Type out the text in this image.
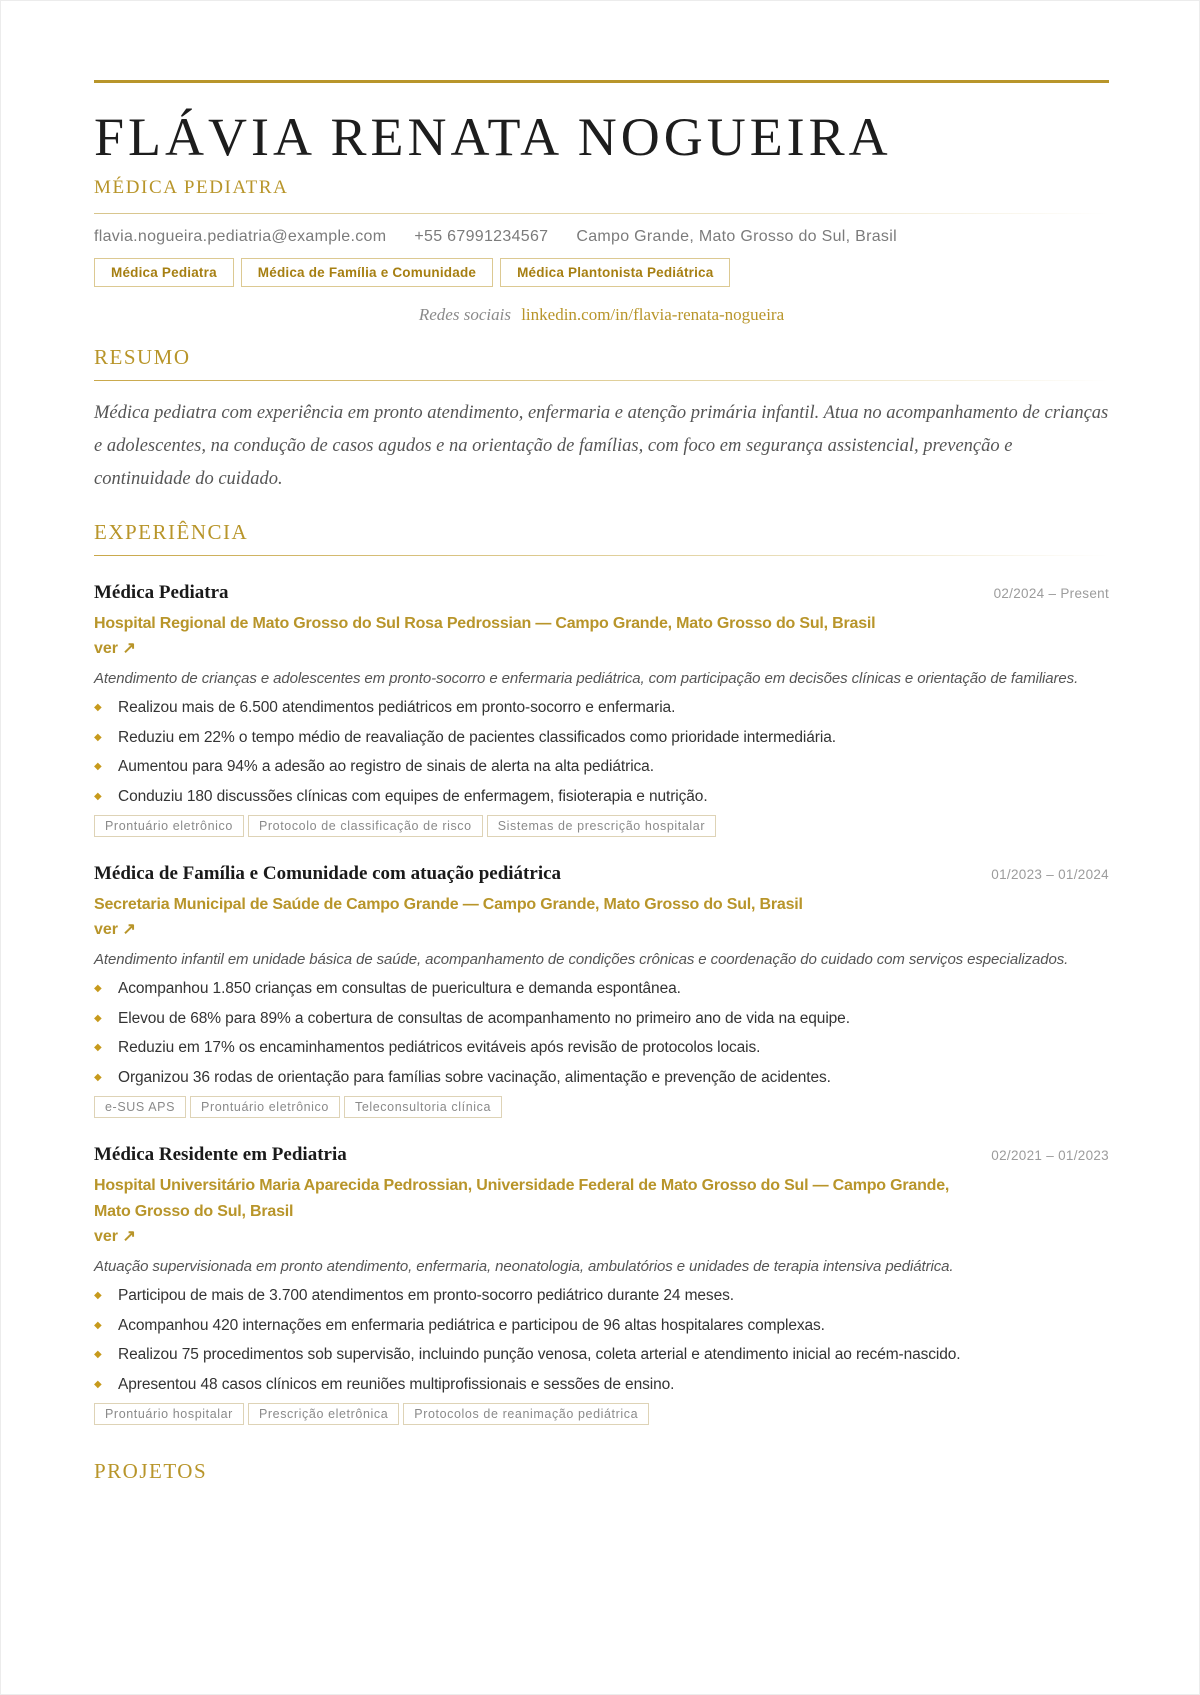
FLÁVIA RENATA NOGUEIRA
MÉDICA PEDIATRA
flavia.nogueira.pediatria@example.com +55 67991234567 Campo Grande, Mato Grosso do Sul, Brasil
Médica Pediatra	Médica de Família e Comunidade	Médica Plantonista Pediátrica
Redes sociais linkedin.com/in/flavia-renata-nogueira
RESUMO
Médica pediatra com experiência em pronto atendimento, enfermaria e atenção primária infantil. Atua no acompanhamento de crianças e adolescentes, na condução de casos agudos e na orientação de famílias, com foco em segurança assistencial, prevenção e continuidade do cuidado.
EXPERIÊNCIA
Médica Pediatra	02/2024 – Present
Hospital Regional de Mato Grosso do Sul Rosa Pedrossian — Campo Grande, Mato Grosso do Sul, Brasil
ver ↗
Atendimento de crianças e adolescentes em pronto-socorro e enfermaria pediátrica, com participação em decisões clínicas e orientação de familiares.
◆ Realizou mais de 6.500 atendimentos pediátricos em pronto-socorro e enfermaria.
◆ Reduziu em 22% o tempo médio de reavaliação de pacientes classificados como prioridade intermediária.
◆ Aumentou para 94% a adesão ao registro de sinais de alerta na alta pediátrica.
◆ Conduziu 180 discussões clínicas com equipes de enfermagem, fisioterapia e nutrição.
Prontuário eletrônico	Protocolo de classificação de risco	Sistemas de prescrição hospitalar
Médica de Família e Comunidade com atuação pediátrica	01/2023 – 01/2024
Secretaria Municipal de Saúde de Campo Grande — Campo Grande, Mato Grosso do Sul, Brasil
ver ↗
Atendimento infantil em unidade básica de saúde, acompanhamento de condições crônicas e coordenação do cuidado com serviços especializados.
◆ Acompanhou 1.850 crianças em consultas de puericultura e demanda espontânea.
◆ Elevou de 68% para 89% a cobertura de consultas de acompanhamento no primeiro ano de vida na equipe.
◆ Reduziu em 17% os encaminhamentos pediátricos evitáveis após revisão de protocolos locais.
◆ Organizou 36 rodas de orientação para famílias sobre vacinação, alimentação e prevenção de acidentes.
e-SUS APS	Prontuário eletrônico	Teleconsultoria clínica
Médica Residente em Pediatria	02/2021 – 01/2023
Hospital Universitário Maria Aparecida Pedrossian, Universidade Federal de Mato Grosso do Sul — Campo Grande, Mato Grosso do Sul, Brasil
ver ↗
Atuação supervisionada em pronto atendimento, enfermaria, neonatologia, ambulatórios e unidades de terapia intensiva pediátrica.
◆ Participou de mais de 3.700 atendimentos em pronto-socorro pediátrico durante 24 meses.
◆ Acompanhou 420 internações em enfermaria pediátrica e participou de 96 altas hospitalares complexas.
◆ Realizou 75 procedimentos sob supervisão, incluindo punção venosa, coleta arterial e atendimento inicial ao recém-nascido.
◆ Apresentou 48 casos clínicos em reuniões multiprofissionais e sessões de ensino.
Prontuário hospitalar	Prescrição eletrônica	Protocolos de reanimação pediátrica
PROJETOS
